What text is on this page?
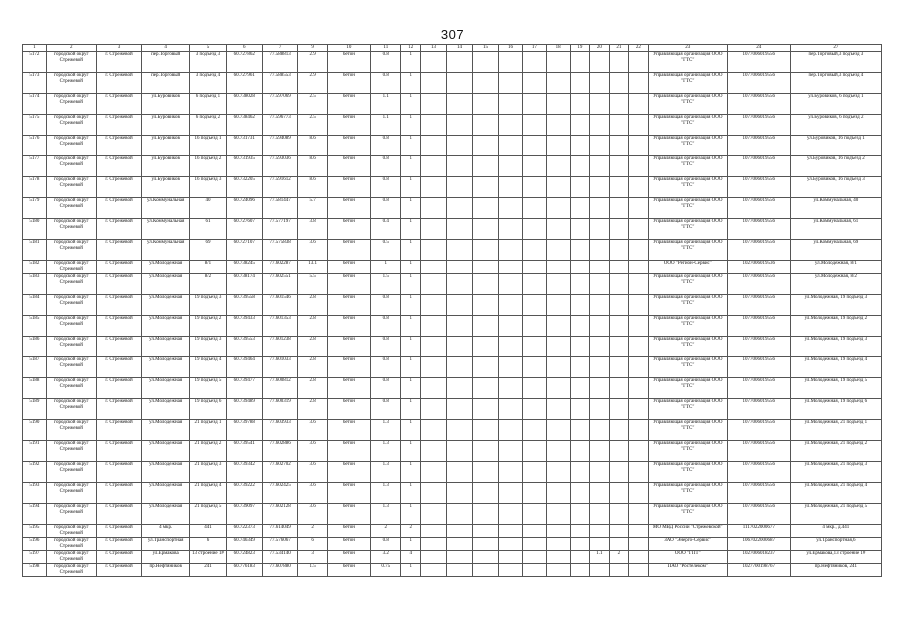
307
1	2	3	4	5	6	7	9	10	11	12	13	14	15	16	17	18	19	20	21	22	23	24	27
5172	городской округ Стрежевой	г. Стрежевой	пер.Торговый	3 подъезд 3	60.727862	77.588813	2.9	бетон	0.8	1											Управляющая организация ООО "ГТС"	1077006019556	пер.Торговый,3 подъезд 3
5173	городской округ Стрежевой	г. Стрежевой	пер.Торговый	3 подъезд 4	60.727961	77.588553	2.9	бетон	0.8	1											Управляющая организация ООО "ГТС"	1077006019556	пер.Торговый,3 подъезд 4
5174	городской округ Стрежевой	г. Стрежевой	ул.Буровиков	6 подъезд 1	60.738028	77.597069	2.5	бетон	1.1	1											Управляющая организация ООО "ГТС"	1077006019556	ул.Буровиков, 6 подъезд 1
5175	городской округ Стрежевой	г. Стрежевой	ул.Буровиков	6 подъезд 2	60.738462	77.596773	2.5	бетон	1.1	1											Управляющая организация ООО "ГТС"	1077006019556	ул.Буровиков, 6 подъезд 2
5176	городской округ Стрежевой	г. Стрежевой	ул.Буровиков	16 подъезд 1	60.731731	77.594089	8.6	бетон	0.8	1											Управляющая организация ООО "ГТС"	1077006019556	ул.Буровиков, 16 подъезд 1
5177	городской округ Стрежевой	г. Стрежевой	ул.Буровиков	16 подъезд 2	60.731935	77.593036	8.6	бетон	0.8	1											Управляющая организация ООО "ГТС"	1077006019556	ул.Буровиков, 16 подъезд 2
5178	городской округ Стрежевой	г. Стрежевой	ул.Буровиков	16 подъезд 3	60.732205	77.591612	8.6	бетон	0.8	1											Управляющая организация ООО "ГТС"	1077006019556	ул.Буровиков, 16 подъезд 3
5179	городской округ Стрежевой	г. Стрежевой	ул.Коммунальная	40	60.724096	77.581447	5.7	бетон	0.8	1											Управляющая организация ООО "ГТС"	1077006019556	ул.Коммунальная, 40
5180	городской округ Стрежевой	г. Стрежевой	ул.Коммунальная	61	60.727607	77.577197	3.8	бетон	0.4	1											Управляющая организация ООО "ГТС"	1077006019556	ул.Коммунальная, 61
5181	городской округ Стрежевой	г. Стрежевой	ул.Коммунальная	69	60.727107	77.575838	3.6	бетон	0.5	1											Управляющая организация ООО "ГТС"	1077006019556	ул.Коммунальная, 69
5182	городской округ Стрежевой	г. Стрежевой	ул.Молодежная	8/1	60.738245	77.602287	13.1	бетон	1	1											ООО "Регион-Сервис"	1027006019536	ул.Молодежная, 8/1
5183	городской округ Стрежевой	г. Стрежевой	ул.Молодежная	8/2	60.738174	77.602551	5.5	бетон	1.5	1											Управляющая организация ООО "ГТС"	1077006019556	ул.Молодежная, 8/2
5184	городской округ Стрежевой	г. Стрежевой	ул.Молодежная	19 подъезд 3	60.739558	77.601546	2.8	бетон	0.8	1											Управляющая организация ООО "ГТС"	1077006019556	ул.Молодежная, 19 подъезд 3
5185	городской округ Стрежевой	г. Стрежевой	ул.Молодежная	19 подъезд 2	60.739433	77.601353	2.8	бетон	0.8	1											Управляющая организация ООО "ГТС"	1077006019556	ул.Молодежная, 19 подъезд 2
5186	городской округ Стрежевой	г. Стрежевой	ул.Молодежная	19 подъезд 3	60.739553	77.601238	2.8	бетон	0.8	1											Управляющая организация ООО "ГТС"	1077006019556	ул.Молодежная, 19 подъезд 3
5187	городской округ Стрежевой	г. Стрежевой	ул.Молодежная	19 подъезд 4	60.739464	77.601033	2.8	бетон	0.8	1											Управляющая организация ООО "ГТС"	1077006019556	ул.Молодежная, 19 подъезд 4
5188	городской округ Стрежевой	г. Стрежевой	ул.Молодежная	19 подъезд 5	60.739477	77.600812	2.8	бетон	0.8	1											Управляющая организация ООО "ГТС"	1077006019556	ул.Молодежная, 19 подъезд 5
5189	городской округ Стрежевой	г. Стрежевой	ул.Молодежная	19 подъезд 6	60.739489	77.600319	2.8	бетон	0.8	1											Управляющая организация ООО "ГТС"	1077006019556	ул.Молодежная, 19 подъезд 6
5190	городской округ Стрежевой	г. Стрежевой	ул.Молодежная	21 подъезд 1	60.739788	77.603933	3.6	бетон	1.3	1											Управляющая организация ООО "ГТС"	1077006019556	ул.Молодежная, 21 подъезд 1
5191	городской округ Стрежевой	г. Стрежевой	ул.Молодежная	21 подъезд 2	60.739541	77.602886	3.6	бетон	1.3	1											Управляющая организация ООО "ГТС"	1077006019556	ул.Молодежная, 21 подъезд 2
5192	городской округ Стрежевой	г. Стрежевой	ул.Молодежная	21 подъезд 3	60.739342	77.602702	3.6	бетон	1.3	1											Управляющая организация ООО "ГТС"	1077006019556	ул.Молодежная, 21 подъезд 3
5193	городской округ Стрежевой	г. Стрежевой	ул.Молодежная	21 подъезд 4	60.739222	77.602425	3.6	бетон	1.3	1											Управляющая организация ООО "ГТС"	1077006019556	ул.Молодежная, 21 подъезд 4
5194	городской округ Стрежевой	г. Стрежевой	ул.Молодежная	21 подъезд 5	60.739097	77.602128	3.6	бетон	1.3	1											Управляющая организация ООО "ГТС"	1077006019556	ул.Молодежная, 21 подъезд 5
5195	городской округ Стрежевой	г. Стрежевой	4 мкр.	441	60.722373	77.614049	2	бетон	2	2											МО МВД России "Стрежевской"	1117022000677	4 мкр., д.441
5196	городской округ Стрежевой	г. Стрежевой	ул.Транспортная	6	60.746349	77.576067	6	бетон	0.8	1											ЗАО "Энерго-Сервис"	1067022000687	ул.Транспортная,6
5197	городской округ Стрежевой	г. Стрежевой	ул.Ермакова	13 строение 1#	60.724823	77.534140	3	бетон	3.2	4								1.1	2		ООО "ГПТ"	1027006018237	ул.Ермакова,13 строение 1#
5198	городской округ Стрежевой	г. Стрежевой	пр.Нефтяников	241	60.776183	77.607880	1.5	бетон	0.75	1											ПАО "Ростелеком"	1027700198767	пр.Нефтяников, 241
